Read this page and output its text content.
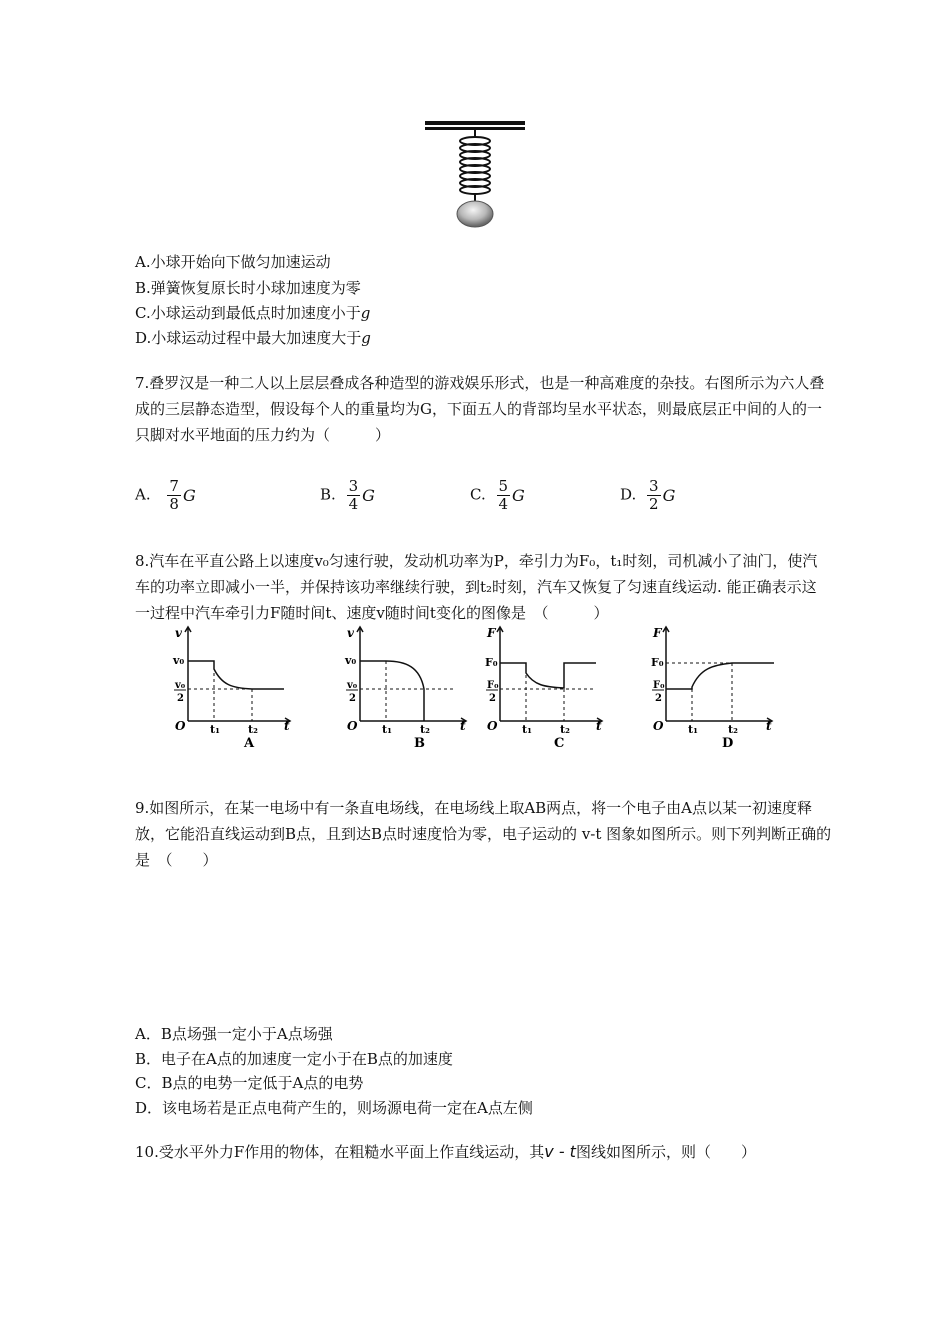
A.小球开始向下做匀加速运动
B.弹簧恢复原长时小球加速度为零
C.小球运动到最低点时加速度小于g
D.小球运动过程中最大加速度大于g
7.叠罗汉是一种二人以上层层叠成各种造型的游戏娱乐形式，也是一种高难度的杂技。右图所示为六人叠成的三层静态造型，假设每个人的重量均为G，下面五人的背部均呈水平状态，则最底层正中间的人的一只脚对水平地面的压力约为（　　　）
A. $\frac{7}{8}$ G	B. $\frac{3}{4}$ G	C. $\frac{5}{4}$ G	D. $\frac{3}{2}$ G
8.汽车在平直公路上以速度v₀匀速行驶，发动机功率为P，牵引力为F₀，t₁时刻，司机减小了油门，使汽车的功率立即减小一半，并保持该功率继续行驶，到t₂时刻，汽车又恢复了匀速直线运动. 能正确表示这一过程中汽车牵引力F随时间t、速度v随时间t变化的图像是　（　　　）
v
v₀
v₀
2
O t₁	t₂ t
A
v
v₀
v₀
2
O t₁	t₂	t
B
F
F₀
F₀
2
O t₁	t₂ t
C
F
F₀
F₀
2
O t₁	t₂ t
D
9.如图所示，在某一电场中有一条直电场线，在电场线上取AB两点，将一个电子由A点以某一初速度释放，它能沿直线运动到B点，且到达B点时速度恰为零，电子运动的 v-t 图象如图所示。则下列判断正确的是　（　　）
A．B点场强一定小于A点场强
B．电子在A点的加速度一定小于在B点的加速度
C．B点的电势一定低于A点的电势
D．该电场若是正点电荷产生的，则场源电荷一定在A点左侧
10.受水平外力F作用的物体，在粗糙水平面上作直线运动，其v - t图线如图所示，则（　　）
